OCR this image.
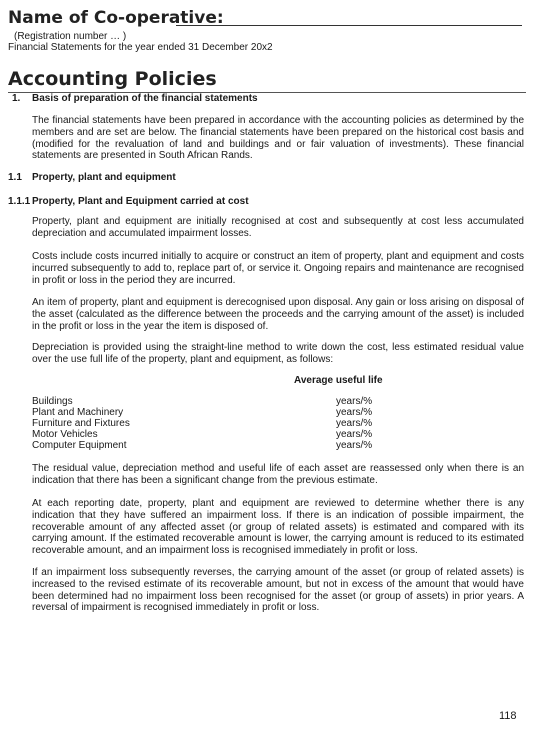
Name of Co-operative:
(Registration number … )
Financial Statements for the year ended 31 December 20x2
Accounting Policies
1. Basis of preparation of the financial statements
The financial statements have been prepared in accordance with the accounting policies as determined by the members and are set are below. The financial statements have been prepared on the historical cost basis and (modified for the revaluation of land and buildings and or fair valuation of investments). These financial statements are presented in South African Rands.
1.1 Property, plant and equipment
1.1.1 Property, Plant and Equipment carried at cost
Property, plant and equipment are initially recognised at cost and subsequently at cost less accumulated depreciation and accumulated impairment losses.
Costs include costs incurred initially to acquire or construct an item of property, plant and equipment and costs incurred subsequently to add to, replace part of, or service it. Ongoing repairs and maintenance are recognised in profit or loss in the period they are incurred.
An item of property, plant and equipment is derecognised upon disposal. Any gain or loss arising on disposal of the asset (calculated as the difference between the proceeds and the carrying amount of the asset) is included in the profit or loss in the year the item is disposed of.
Depreciation is provided using the straight-line method to write down the cost, less estimated residual value over the use full life of the property, plant and equipment, as follows:
Average useful life
Buildings	years/%
Plant and Machinery	years/%
Furniture and Fixtures	years/%
Motor Vehicles	years/%
Computer Equipment	years/%
The residual value, depreciation method and useful life of each asset are reassessed only when there is an indication that there has been a significant change from the previous estimate.
At each reporting date, property, plant and equipment are reviewed to determine whether there is any indication that they have suffered an impairment loss. If there is an indication of possible impairment, the recoverable amount of any affected asset (or group of related assets) is estimated and compared with its carrying amount. If the estimated recoverable amount is lower, the carrying amount is reduced to its estimated recoverable amount, and an impairment loss is recognised immediately in profit or loss.
If an impairment loss subsequently reverses, the carrying amount of the asset (or group of related assets) is increased to the revised estimate of its recoverable amount, but not in excess of the amount that would have been determined had no impairment loss been recognised for the asset (or group of assets) in prior years. A reversal of impairment is recognised immediately in profit or loss.
118
